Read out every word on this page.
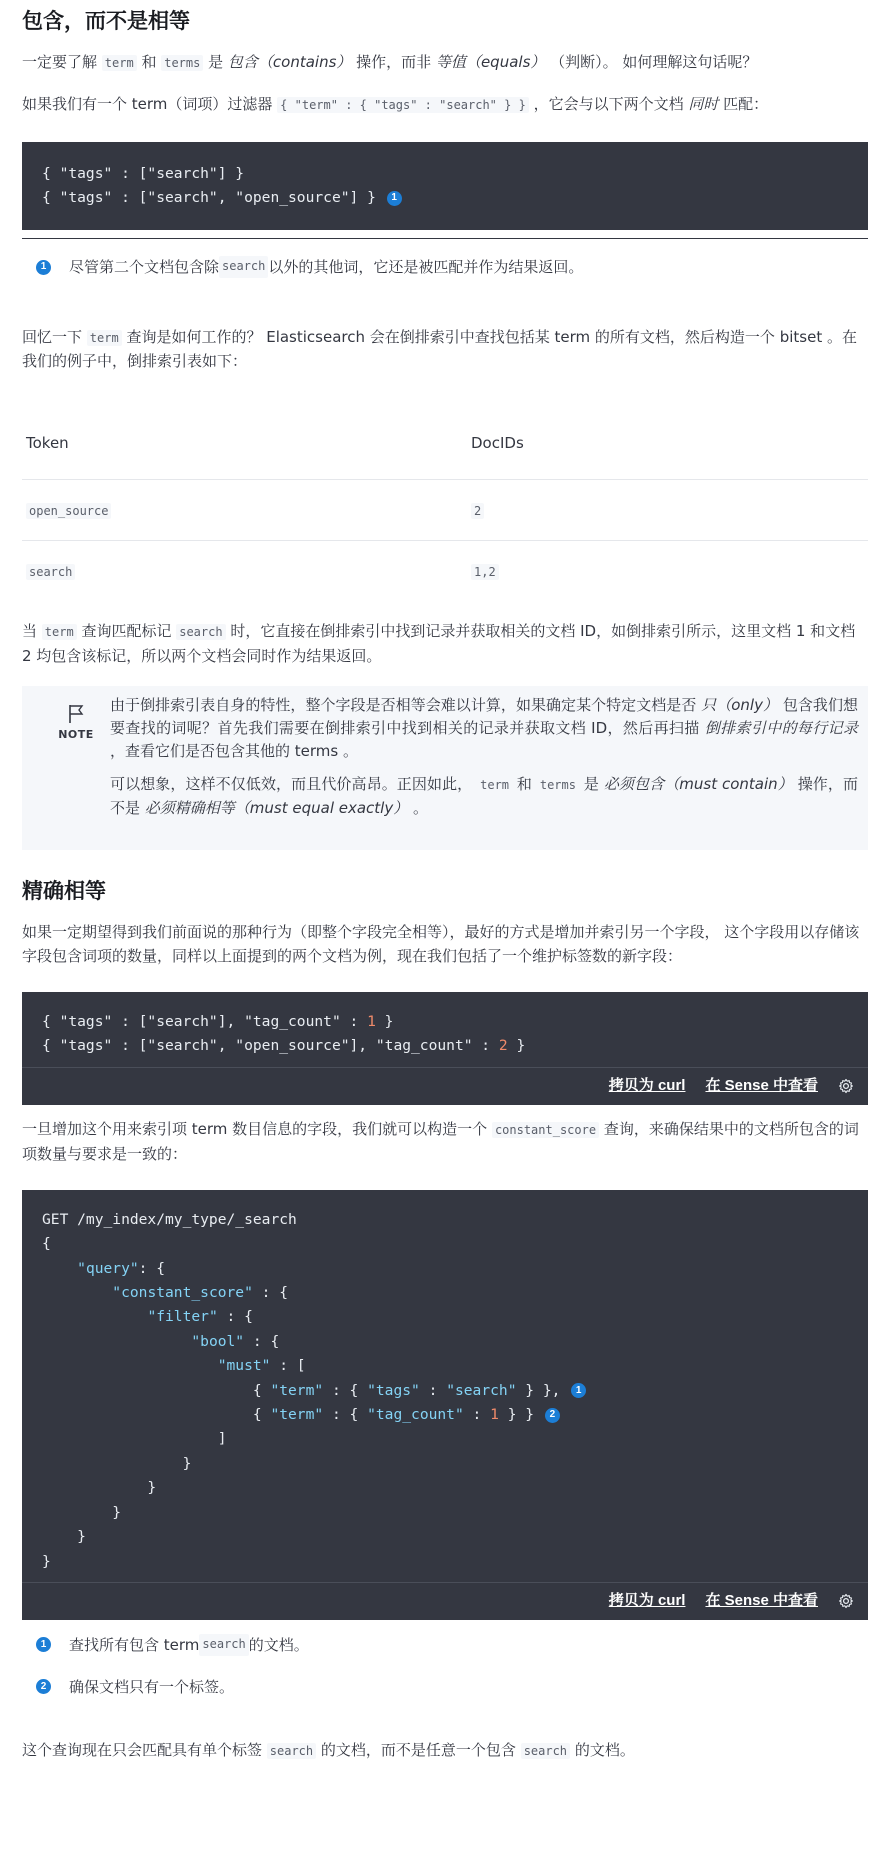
包含，而不是相等

一定要了解 term 和 terms 是 包含（contains） 操作，而非 等值（equals） （判断）。 如何理解这句话呢？

如果我们有一个 term（词项）过滤器 { "term" : { "tags" : "search" } } ，它会与以下两个文档 同时 匹配：

{ "tags" : ["search"] }
{ "tags" : ["search", "open_source"] } 1
1	尽管第二个文档包含除 search 以外的其他词，它还是被匹配并作为结果返回。

回忆一下 term 查询是如何工作的？ Elasticsearch 会在倒排索引中查找包括某 term 的所有文档，然后构造一个 bitset 。在我们的例子中，倒排索引表如下：

Token	DocIDs
open_source	2
search	1,2

当 term 查询匹配标记 search 时，它直接在倒排索引中找到记录并获取相关的文档 ID，如倒排索引所示，这里文档 1 和文档 2 均包含该标记，所以两个文档会同时作为结果返回。

NOTE

由于倒排索引表自身的特性，整个字段是否相等会难以计算，如果确定某个特定文档是否 只（only） 包含我们想要查找的词呢？首先我们需要在倒排索引中找到相关的记录并获取文档 ID，然后再扫描 倒排索引中的每行记录 ，查看它们是否包含其他的 terms 。

可以想象，这样不仅低效，而且代价高昂。正因如此， term 和 terms 是 必须包含（must contain） 操作，而不是 必须精确相等（must equal exactly） 。

精确相等

如果一定期望得到我们前面说的那种行为（即整个字段完全相等），最好的方式是增加并索引另一个字段， 这个字段用以存储该字段包含词项的数量，同样以上面提到的两个文档为例，现在我们包括了一个维护标签数的新字段：

{ "tags" : ["search"], "tag_count" : 1 }
{ "tags" : ["search", "open_source"], "tag_count" : 2 }
拷贝为 curl 在 Sense 中查看

一旦增加这个用来索引项 term 数目信息的字段，我们就可以构造一个 constant_score 查询，来确保结果中的文档所包含的词项数量与要求是一致的：

GET /my_index/my_type/_search
{
"query": {
"constant_score" : {
"filter" : {
"bool" : {
"must" : [
{ "term" : { "tags" : "search" } }, 1
{ "term" : { "tag_count" : 1 } } 2
]
}
}
}
}
}
拷贝为 curl 在 Sense 中查看
1	查找所有包含 term search 的文档。
2	确保文档只有一个标签。

这个查询现在只会匹配具有单个标签 search 的文档，而不是任意一个包含 search 的文档。
